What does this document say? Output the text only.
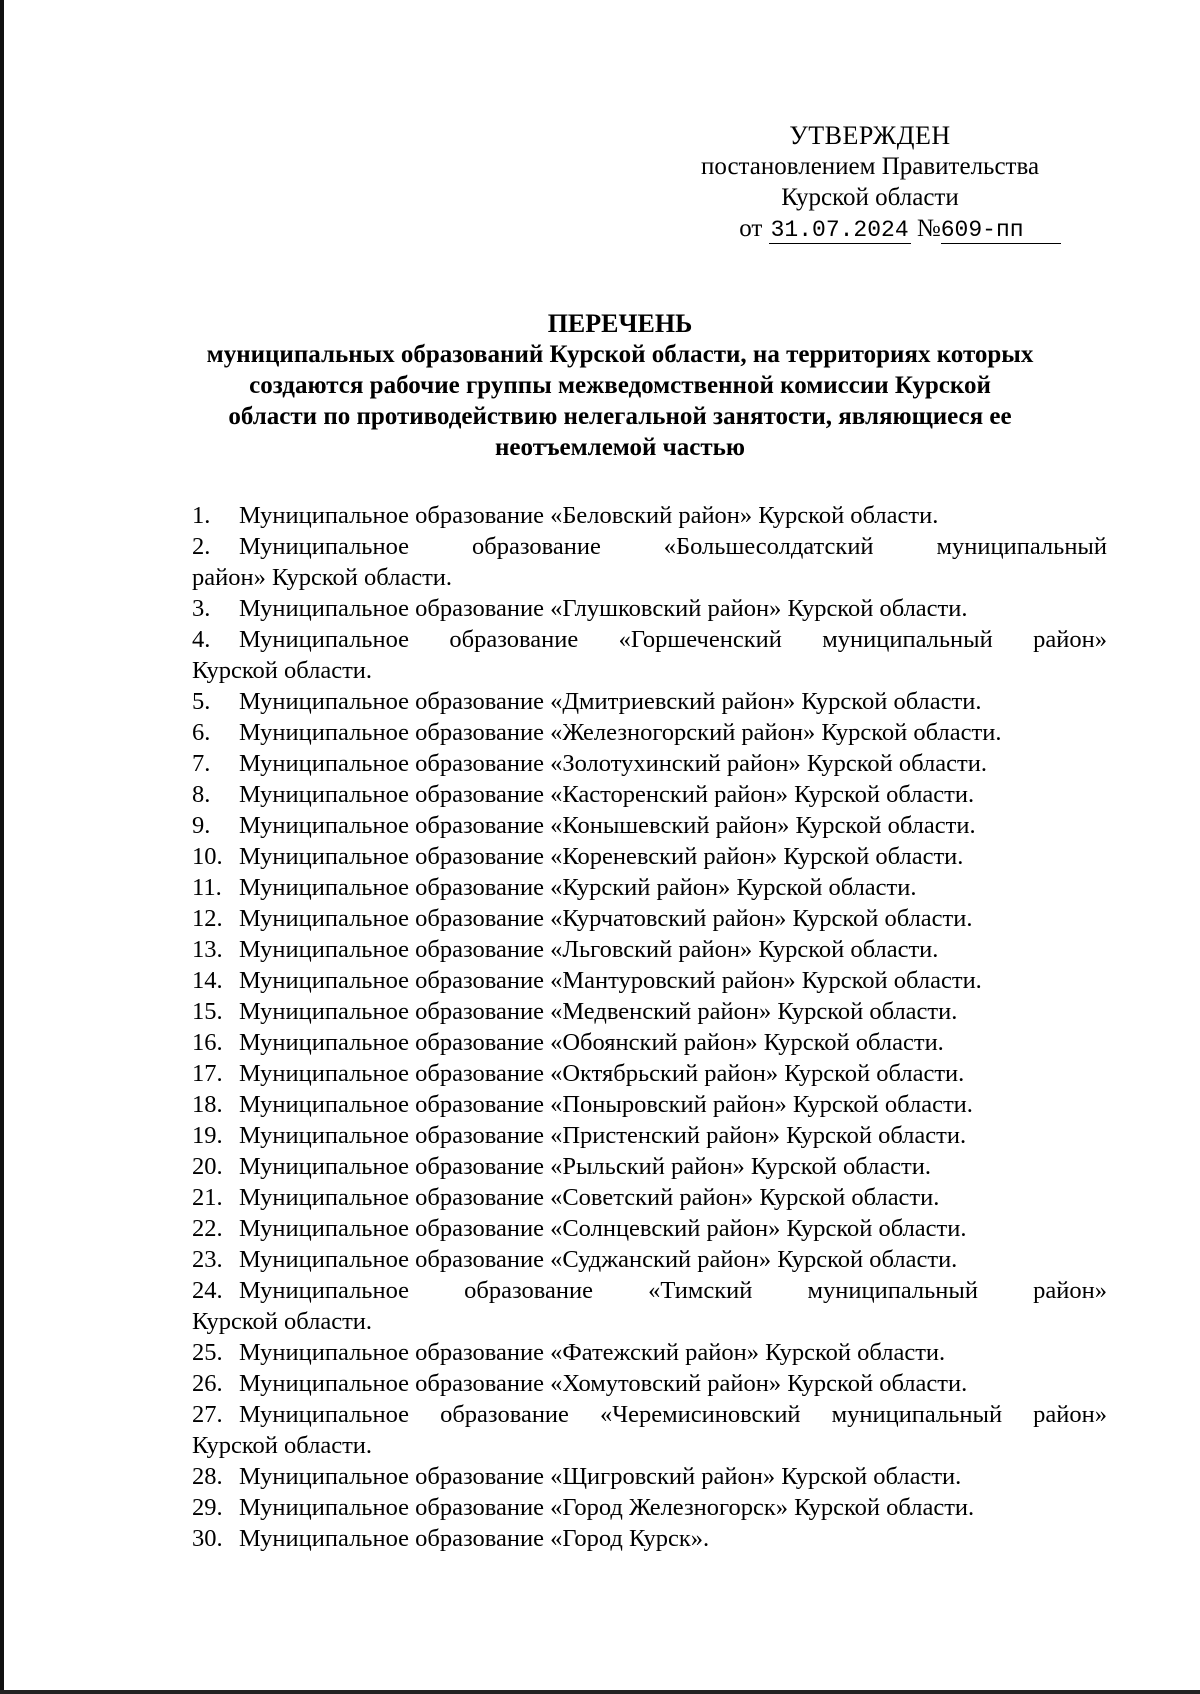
УТВЕРЖДЕН
постановлением Правительства
Курской области
от 31.07.2024 №609-пп
ПЕРЕЧЕНЬ
муниципальных образований Курской области, на территориях которых
создаются рабочие группы межведомственной комиссии Курской
области по противодействию нелегальной занятости, являющиеся ее
неотъемлемой частью
1. Муниципальное образование «Беловский район» Курской области.
2. Муниципальное образование «Большесолдатский муниципальный
район» Курской области.
3. Муниципальное образование «Глушковский район» Курской области.
4. Муниципальное образование «Горшеченский муниципальный район»
Курской области.
5. Муниципальное образование «Дмитриевский район» Курской области.
6. Муниципальное образование «Железногорский район» Курской области.
7. Муниципальное образование «Золотухинский район» Курской области.
8. Муниципальное образование «Касторенский район» Курской области.
9. Муниципальное образование «Конышевский район» Курской области.
10. Муниципальное образование «Кореневский район» Курской области.
11. Муниципальное образование «Курский район» Курской области.
12. Муниципальное образование «Курчатовский район» Курской области.
13. Муниципальное образование «Льговский район» Курской области.
14. Муниципальное образование «Мантуровский район» Курской области.
15. Муниципальное образование «Медвенский район» Курской области.
16. Муниципальное образование «Обоянский район» Курской области.
17. Муниципальное образование «Октябрьский район» Курской области.
18. Муниципальное образование «Поныровский район» Курской области.
19. Муниципальное образование «Пристенский район» Курской области.
20. Муниципальное образование «Рыльский район» Курской области.
21. Муниципальное образование «Советский район» Курской области.
22. Муниципальное образование «Солнцевский район» Курской области.
23. Муниципальное образование «Суджанский район» Курской области.
24. Муниципальное образование «Тимский муниципальный район»
Курской области.
25. Муниципальное образование «Фатежский район» Курской области.
26. Муниципальное образование «Хомутовский район» Курской области.
27. Муниципальное образование «Черемисиновский муниципальный район»
Курской области.
28. Муниципальное образование «Щигровский район» Курской области.
29. Муниципальное образование «Город Железногорск» Курской области.
30. Муниципальное образование «Город Курск».
